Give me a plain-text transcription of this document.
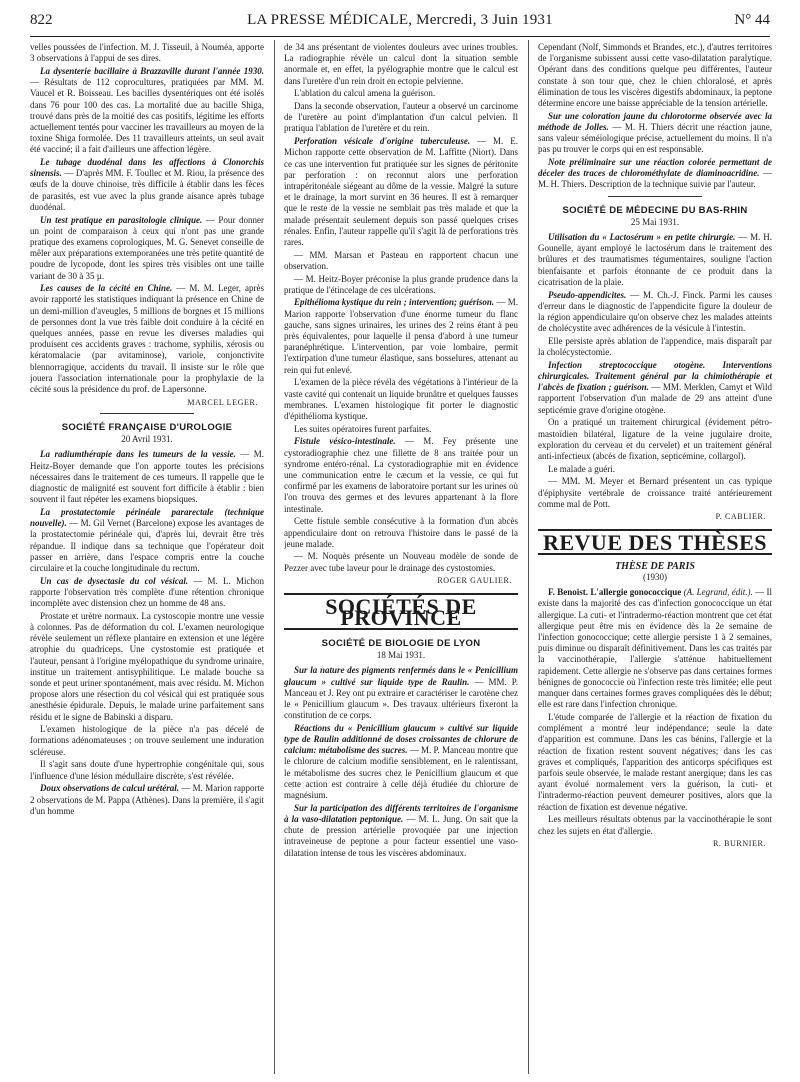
822	LA PRESSE MÉDICALE, Mercredi, 3 Juin 1931	N° 44

velles poussées de l'infection. M. J. Tisseuil, à Nouméa, apporte 3 observations à l'appui de ses dires.

La dysenterie bacillaire à Brazzaville durant l'année 1930. — Résultats de 112 coprocultures, pratiquées par MM. M. Vaucel et R. Boisseau. Les bacilles dysentériques ont été isolés dans 76 pour 100 des cas. La mortalité due au bacille Shiga, trouvé dans près de la moitié des cas positifs, légitime les efforts actuellement tentés pour vacciner les travailleurs au moyen de la toxine Shiga formolée. Des 11 travailleurs atteints, un seul avait été vacciné; il a fait d'ailleurs une affection légère.

Le tubage duodénal dans les affections à Clonorchis sinensis. — D'après MM. F. Toullec et M. Riou, la présence des œufs de la douve chinoise, très difficile à établir dans les fèces de parasités, est vue avec la plus grande aisance après tubage duodénal.

Un test pratique en parasitologie clinique. — Pour donner un point de comparaison à ceux qui n'ont pas une grande pratique des examens coprologiques, M. G. Senevet conseille de mêler aux préparations extemporanées une très petite quantité de poudre de lycopode, dont les spires très visibles ont une taille variant de 30 à 35 µ.

Les causes de la cécité en Chine. — M. M. Leger, après avoir rapporté les statistiques indiquant la présence en Chine de un demi-million d'aveugles, 5 millions de borgnes et 15 millions de personnes dont la vue très faible doit conduire à la cécité en quelques années, passe en revue les diverses maladies qui produisent ces accidents graves : trachome, syphilis, xérosis ou kératomalacie (par avitaminose), variole, conjonctivite blennorragique, accidents du travail. Il insiste sur le rôle que jouera l'association internationale pour la prophylaxie de la cécité sous la présidence du prof. de Lapersonne.

MARCEL LEGER.
SOCIÉTÉ FRANÇAISE D'UROLOGIE
20 Avril 1931.

La radiumthérapie dans les tumeurs de la vessie. — M. Heitz-Boyer demande que l'on apporte toutes les précisions nécessaires dans le traitement de ces tumeurs. Il rappelle que le diagnostic de malignité est souvent fort difficile à établir : bien souvent il faut répéter les examens biopsiques.

La prostatectomie périnéale pararectale (technique nouvelle). — M. Gil Vernet (Barcelone) expose les avantages de la prostatectomie périnéale qui, d'après lui, devrait être très répandue. Il indique dans sa technique que l'opérateur doit passer en arrière, dans l'espace compris entre la couche circulaire et la couche longitudinale du rectum.

Un cas de dysectasie du col vésical. — M. L. Michon rapporte l'observation très complète d'une rétention chronique incomplète avec distension chez un homme de 48 ans.

Prostate et urètre normaux. La cystoscopie montre une vessie à colonnes. Pas de déformation du col. L'examen neurologique révèle seulement un réflexe plantaire en extension et une légère atrophie du quadriceps. Une cystostomie est pratiquée et l'auteur, pensant à l'origine myélopathique du syndrome urinaire, institue un traitement antisyphilitique. Le malade bouche sa sonde et peut uriner spontanément, mais avec résidu. M. Michon propose alors une résection du col vésical qui est pratiquée sous anesthésie épidurale. Depuis, le malade urine parfaitement sans résidu et le signe de Babinski a disparu.

L'examen histologique de la pièce n'a pas décelé de formations adénomateuses ; on trouve seulement une induration scléreuse.

Il s'agit sans doute d'une hypertrophie congénitale qui, sous l'influence d'une lésion médullaire discrète, s'est révélée.

Doux observations de calcul urétéral. — M. Marion rapporte 2 observations de M. Pappa (Athènes). Dans la première, il s'agit d'un homme

de 34 ans présentant de violentes douleurs avec urines troubles. La radiographie révèle un calcul dont la situation semble anormale et, en effet, la pyélographie montre que le calcul est dans l'uretère d'un rein droit en ectopie pelvienne.

L'ablation du calcul amena la guérison.

Dans la seconde observation, l'auteur a observé un carcinome de l'uretère au point d'implantation d'un calcul pelvien. Il pratiqua l'ablation de l'uretère et du rein.

Perforation vésicale d'origine tuberculeuse. — M. E. Michon rapporte cette observation de M. Laffitte (Niort). Dans ce cas une intervention fut pratiquée sur les signes de péritonite par perforation : on reconnut alors une perforation intrapéritonéale siégeant au dôme de la vessie. Malgré la suture et le drainage, la mort survint en 36 heures. Il est à remarquer que le reste de la vessie ne semblait pas très malade et que la malade présentait seulement depuis son passé quelques crises rénales. Enfin, l'auteur rappelle qu'il s'agit là de perforations très rares.

— MM. Marsan et Pasteau en rapportent chacun une observation.

— M. Heitz-Boyer préconise la plus grande prudence dans la pratique de l'étincelage de ces ulcérations.

Epithélioma kystique du rein ; intervention; guérison. — M. Marion rapporte l'observation d'une énorme tumeur du flanc gauche, sans signes urinaires, les urines des 2 reins étant à peu près équivalentes, pour laquelle il pensa d'abord à une tumeur paranéphrétique. L'intervention, par voie lombaire, permit l'extirpation d'une tumeur élastique, sans bosselures, attenant au rein qui fut enlevé.

L'examen de la pièce révéla des végétations à l'intérieur de la vaste cavité qui contenait un liquide brunâtre et quelques fausses membranes. L'examen histologique fit porter le diagnostic d'épithélioma kystique.

Les suites opératoires furent parfaites.

Fistule vésico-intestinale. — M. Fey présente une cystoradiographie chez une fillette de 8 ans traitée pour un syndrome entéro-rénal. La cystoradiographie mit en évidence une communication entre le cæcum et la vessie, ce qui fut confirmé par les examens de laboratoire portant sur les urines où l'on trouva des germes et des levures appartenant à la flore intestinale.

Cette fistule semble consécutive à la formation d'un abcès appendiculaire dont on retrouva l'histoire dans le passé de la jeune malade.

— M. Noquès présente un Nouveau modèle de sonde de Pezzer avec tube laveur pour le drainage des cystostomies.

ROGER GAULIER.
SOCIÉTÉS DE PROVINCE
SOCIÉTÉ DE BIOLOGIE DE LYON
18 Mai 1931.

Sur la nature des pigments renfermés dans le « Penicillium glaucum » cultivé sur liquide type de Raulin. — MM. P. Manceau et J. Rey ont pu extraire et caractériser le carotène chez le « Penicillium glaucum ». Des travaux ultérieurs fixeront la constitution de ce corps.

Réactions du « Penicillium glaucum » cultivé sur liquide type de Raulin additionné de doses croissantes de chlorure de calcium: métabolisme des sucres. — M. P. Manceau montre que le chlorure de calcium modifie sensiblement, en le ralentissant, le métabolisme des sucres chez le Penicillium glaucum et que cette action est contraire à celle déjà étudiée du chlorure de magnésium.

Sur la participation des différents territoires de l'organisme à la vaso-dilatation peptonique. — M. L. Jung. On sait que la chute de pression artérielle provoquée par une injection intraveineuse de peptone a pour facteur essentiel une vaso-dilatation intense de tous les viscères abdominaux.

Cependant (Nolf, Simmonds et Brandes, etc.), d'autres territoires de l'organisme subissent aussi cette vaso-dilatation paralytique. Opérant dans des conditions quelque peu différentes, l'auteur constate à son tour que, chez le chien chloralosé, et après élimination de tous les viscères digestifs abdominaux, la peptone détermine encore une baisse appréciable de la tension artérielle.

Sur une coloration jaune du chlorotorme observée avec la méthode de Jolles. — M. H. Thiers décrit une réaction jaune, sans valeur séméiologique précise, actuellement du moins. Il n'a pas pu trouver le corps qui en est responsable.

Note préliminaire sur une réaction colorée permettant de déceler des traces de chlorométhylate de diaminoacridine. — M. H. Thiers. Description de la technique suivie par l'auteur.

SOCIÉTÉ DE MÉDECINE DU BAS-RHIN
25 Mai 1931.

Utilisation du « Lactosérum » en petite chirurgie. — M. H. Gounelle, ayant employé le lactosérum dans le traitement des brûlures et des traumatismes tégumentaires, souligne l'action bienfaisante et parfois étonnante de ce produit dans la cicatrisation de la plaie.

Pseudo-appendicites. — M. Ch.-J. Finck. Parmi les causes d'erreur dans le diagnostic de l'appendicite figure la douleur de la région appendiculaire qu'on observe chez les malades atteints de cholécystite avec adhérences de la vésicule à l'intestin.

Elle persiste après ablation de l'appendice, mais disparaît par la cholécystectomie.

Infection streptococcique otogène. Interventions chirurgicales. Traitement général par la chimiothérapie et l'abcès de fixation ; guérison. — MM. Merklen, Camyt et Wild rapportent l'observation d'un malade de 29 ans atteint d'une septicémie grave d'origine otogène.

On a pratiqué un traitement chirurgical (évidement pétro-mastoïdien bilatéral, ligature de la veine jugulaire droite, exploration du cerveau et du cervelet) et un traitement général anti-infectieux (abcès de fixation, septicémine, collargol).

Le malade a guéri.

— MM. M. Meyer et Bernard présentent un cas typique d'épiphysite vertébrale de croissance traité antérieurement comme mal de Pott.

P. CABLIER.
REVUE DES THÈSES
THÈSE DE PARIS
(1930)

F. Benoist. L'allergie gonococcique (A. Legrand, édit.). — Il existe dans la majorité des cas d'infection gonococcique un état allergique. La cuti- et l'intradermo-réaction montrent que cet état allergique peut être mis en évidence dès la 2e semaine de l'infection gonococcique; cette allergie persiste 1 à 2 semaines, puis diminue ou disparaît définitivement. Dans les cas traités par la vaccinothérapie, l'allergie s'atténue habituellement rapidement. Cette allergie ne s'observe pas dans certaines formes bénignes de gonococcie où l'infection reste très limitée; elle peut manquer dans certaines formes graves compliquées dès le début; elle est rare dans l'infection chronique.

L'étude comparée de l'allergie et la réaction de fixation du complément a montré leur indépendance; seule la date d'apparition est commune. Dans les cas bénins, l'allergie et la réaction de fixation restent souvent négatives; dans les cas graves et compliqués, l'apparition des anticorps spécifiques est parfois seule observée, le malade restant anergique; dans les cas ayant évolué normalement vers la guérison, la cuti- et l'intradermo-réaction peuvent demeurer positives, alors que la réaction de fixation est devenue négative.

Les meilleurs résultats obtenus par la vaccinothérapie le sont chez les sujets en état d'allergie.

R. BURNIER.
